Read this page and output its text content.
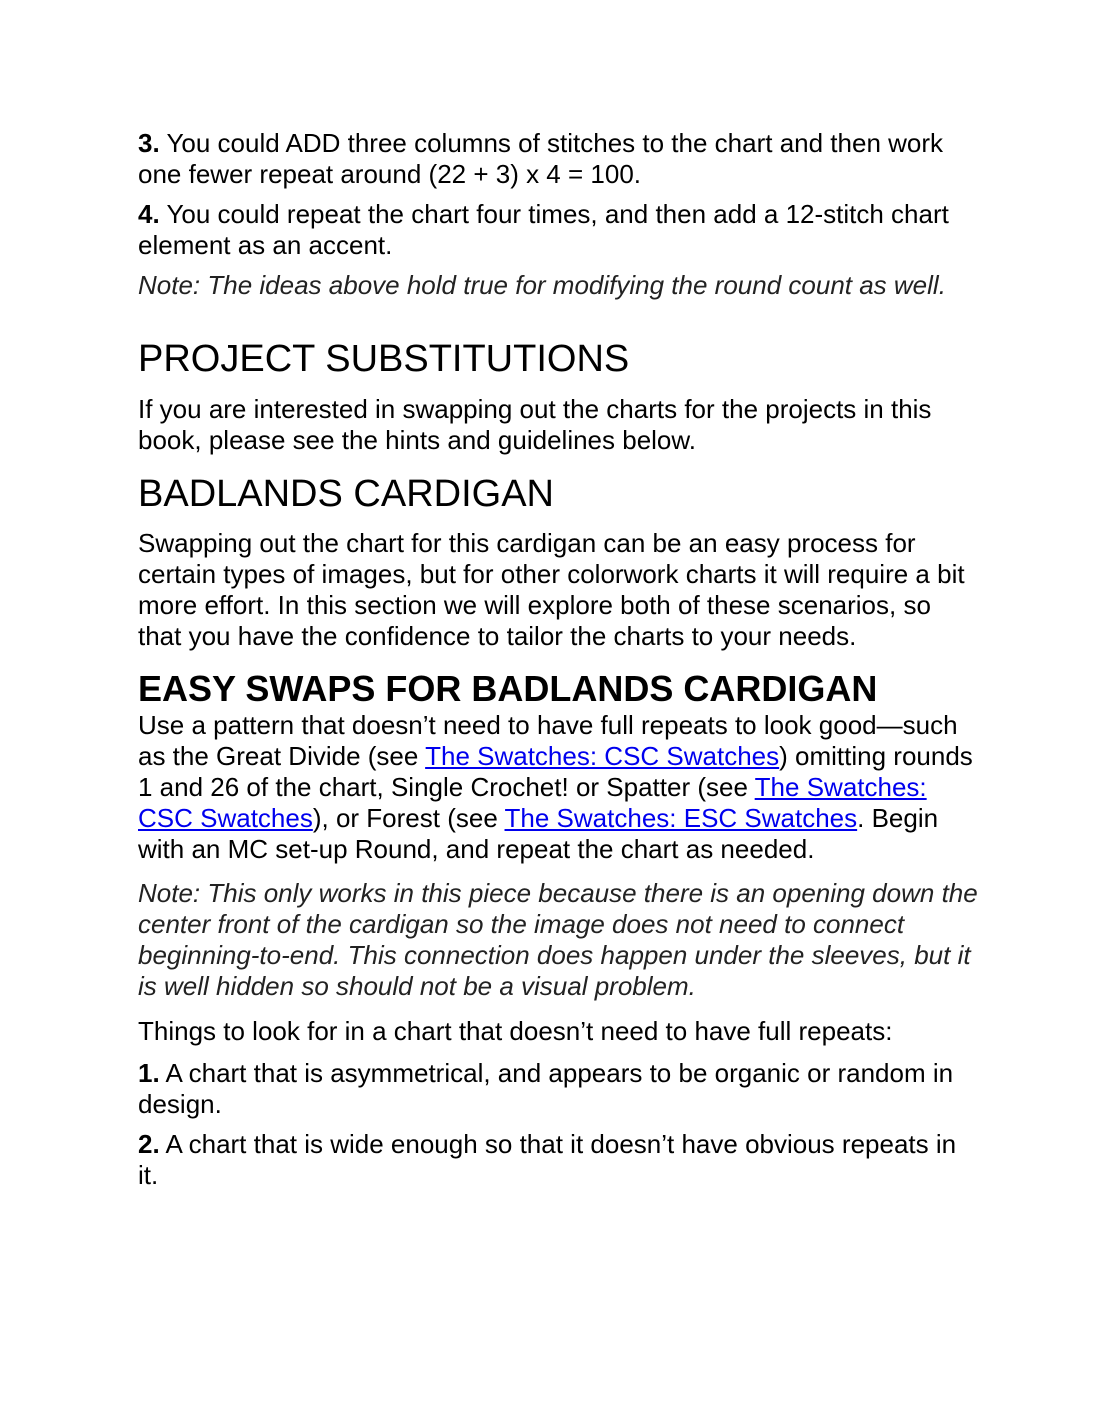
3. You could ADD three columns of stitches to the chart and then work one fewer repeat around (22 + 3) x 4 = 100.

4. You could repeat the chart four times, and then add a 12-stitch chart element as an accent.

Note: The ideas above hold true for modifying the round count as well.

PROJECT SUBSTITUTIONS

If you are interested in swapping out the charts for the projects in this book, please see the hints and guidelines below.

BADLANDS CARDIGAN

Swapping out the chart for this cardigan can be an easy process for certain types of images, but for other colorwork charts it will require a bit more effort. In this section we will explore both of these scenarios, so that you have the confidence to tailor the charts to your needs.

EASY SWAPS FOR BADLANDS CARDIGAN

Use a pattern that doesn’t need to have full repeats to look good—such as the Great Divide (see The Swatches: CSC Swatches) omitting rounds 1 and 26 of the chart, Single Crochet! or Spatter (see The Swatches: CSC Swatches), or Forest (see The Swatches: ESC Swatches. Begin with an MC set-up Round, and repeat the chart as needed.

Note: This only works in this piece because there is an opening down the center front of the cardigan so the image does not need to connect beginning-to-end. This connection does happen under the sleeves, but it is well hidden so should not be a visual problem.

Things to look for in a chart that doesn’t need to have full repeats:

1. A chart that is asymmetrical, and appears to be organic or random in design.

2. A chart that is wide enough so that it doesn’t have obvious repeats in it.
